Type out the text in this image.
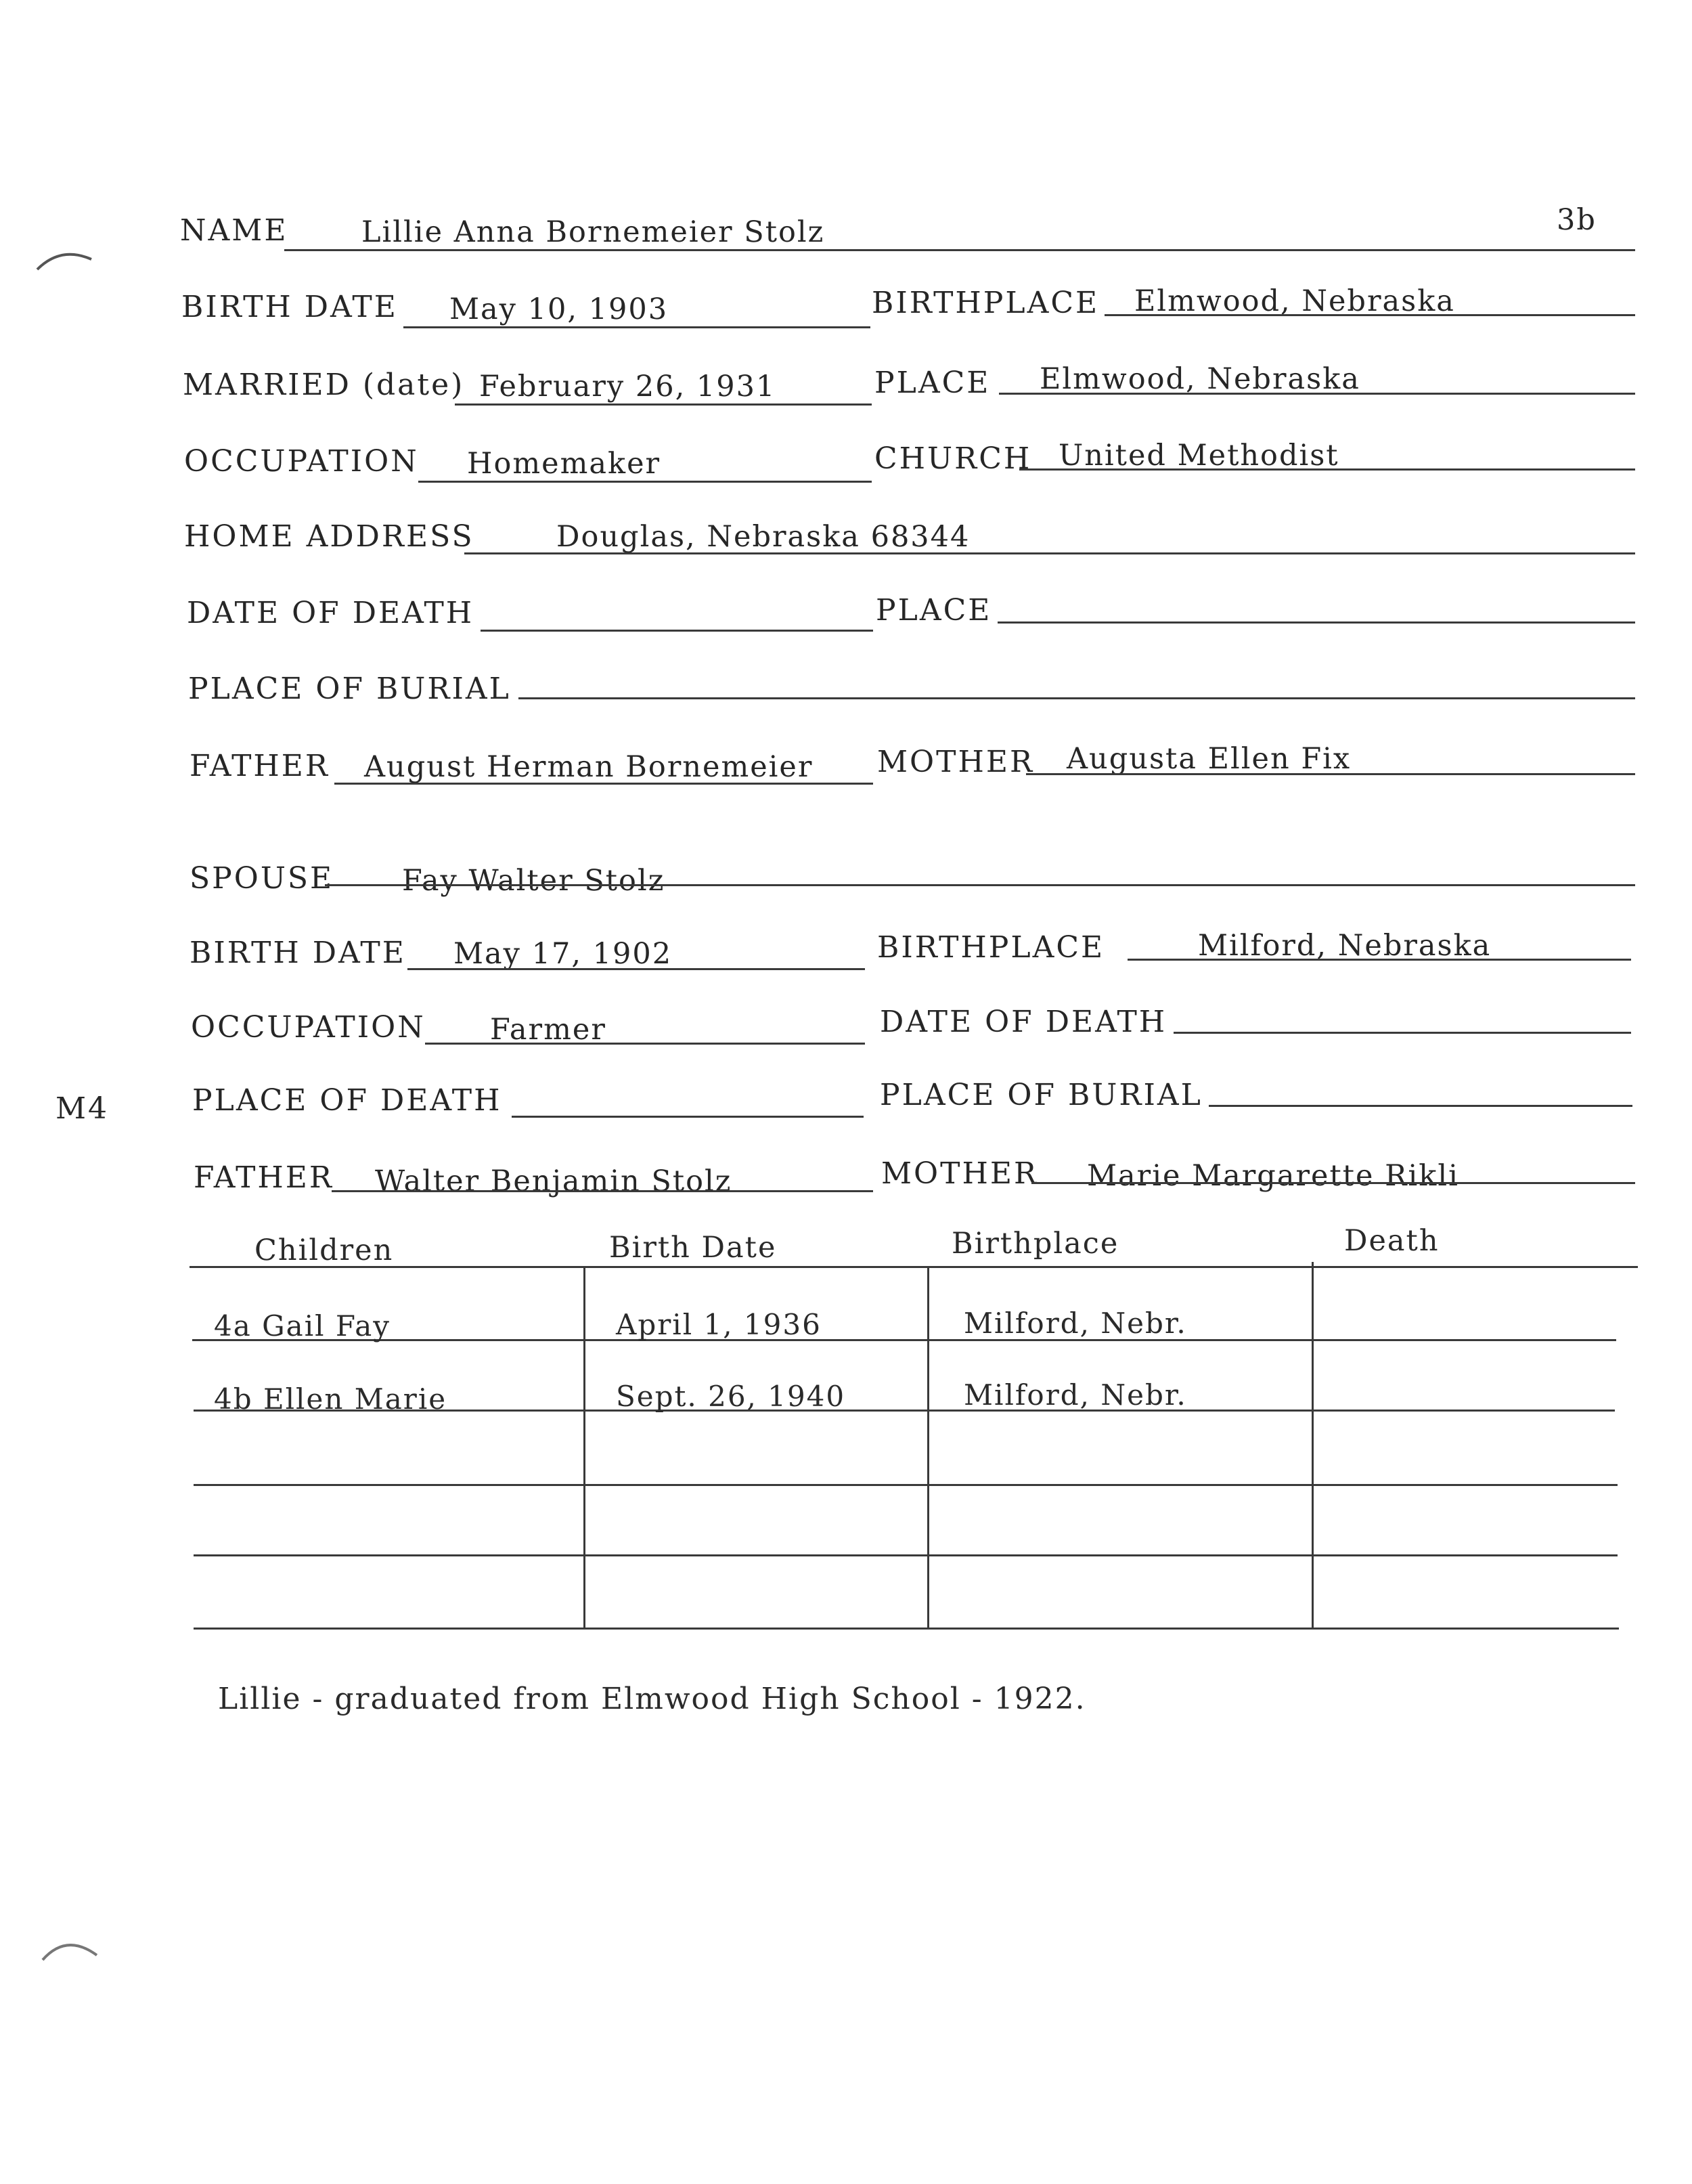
3b
M4
NAME	Lillie Anna Bornemeier Stolz
BIRTH DATE May 10, 1903	BIRTHPLACE Elmwood, Nebraska
MARRIED (date) February 26, 1931	PLACE Elmwood, Nebraska
OCCUPATION Homemaker	CHURCH United Methodist
HOME ADDRESS	Douglas, Nebraska 68344
DATE OF DEATH	PLACE
PLACE OF BURIAL
FATHER August Herman Bornemeier MOTHER Augusta Ellen Fix
SPOUSE Fay Walter Stolz
BIRTH DATE May 17, 1902	BIRTHPLACE	Milford, Nebraska
OCCUPATION Farmer	DATE OF DEATH
PLACE OF DEATH	PLACE OF BURIAL
FATHER Walter Benjamin Stolz	MOTHER Marie Margarette Rikli
Children	Birth Date	Birthplace	Death
4a Gail Fay	April 1, 1936	Milford, Nebr.
4b Ellen Marie	Sept. 26, 1940	Milford, Nebr.
Lillie - graduated from Elmwood High School - 1922.
